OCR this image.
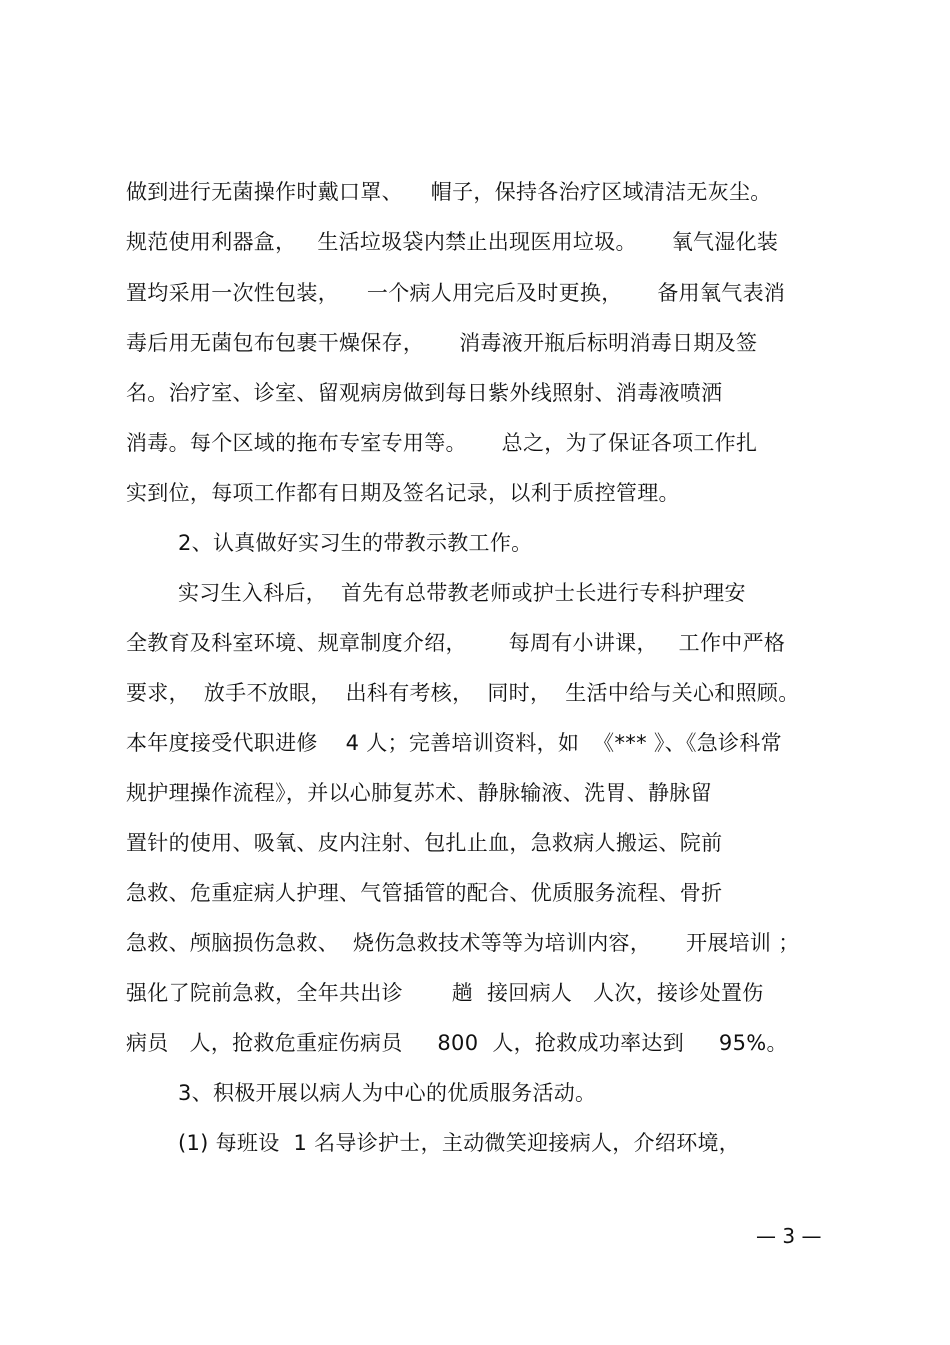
做到进行无菌操作时戴口罩、    帽子，保持各治疗区域清洁无灰尘。
规范使用利器盒，   生活垃圾袋内禁止出现医用垃圾。     氧气湿化装
置均采用一次性包装，    一个病人用完后及时更换，     备用氧气表消
毒后用无菌包布包裹干燥保存，     消毒液开瓶后标明消毒日期及签
名。治疗室、诊室、留观病房做到每日紫外线照射、消毒液喷洒
消毒。每个区域的拖布专室专用等。     总之，为了保证各项工作扎
实到位，每项工作都有日期及签名记录，以利于质控管理。
2、认真做好实习生的带教示教工作。
实习生入科后，  首先有总带教老师或护士长进行专科护理安
全教育及科室环境、规章制度介绍，      每周有小讲课，   工作中严格
要求，  放手不放眼，  出科有考核，  同时，  生活中给与关心和照顾。
本年度接受代职进修    4 人；完善培训资料，如  《*** 》、《急诊科常
规护理操作流程》，并以心肺复苏术、静脉输液、洗胃、静脉留
置针的使用、吸氧、皮内注射、包扎止血，急救病人搬运、院前
急救、危重症病人护理、气管插管的配合、优质服务流程、骨折
急救、颅脑损伤急救、  烧伤急救技术等等为培训内容，     开展培训 ；
强化了院前急救，全年共出诊       趟  接回病人   人次，接诊处置伤
病员   人，抢救危重症伤病员     800  人，抢救成功率达到     95%。
3、积极开展以病人为中心的优质服务活动。
(1) 每班设  1 名导诊护士，主动微笑迎接病人，介绍环境，
— 3 —
